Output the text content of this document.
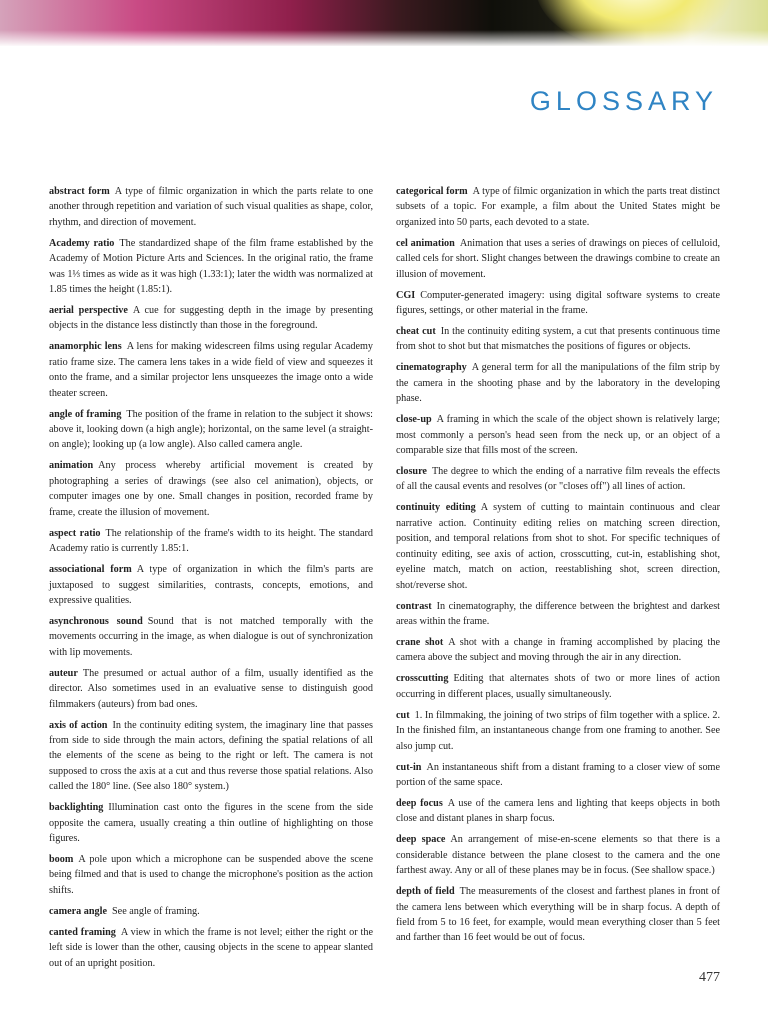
GLOSSARY

abstract form A type of filmic organization in which the parts relate to one another through repetition and variation of such visual qualities as shape, color, rhythm, and direction of movement.

Academy ratio The standardized shape of the film frame established by the Academy of Motion Picture Arts and Sciences. In the original ratio, the frame was 1⅓ times as wide as it was high (1.33:1); later the width was normalized at 1.85 times the height (1.85:1).

aerial perspective A cue for suggesting depth in the image by presenting objects in the distance less distinctly than those in the foreground.

anamorphic lens A lens for making widescreen films using regular Academy ratio frame size. The camera lens takes in a wide field of view and squeezes it onto the frame, and a similar projector lens unsqueezes the image onto a wide theater screen.

angle of framing The position of the frame in relation to the subject it shows: above it, looking down (a high angle); horizontal, on the same level (a straight-on angle); looking up (a low angle). Also called camera angle.

animation Any process whereby artificial movement is created by photographing a series of drawings (see also cel animation), objects, or computer images one by one. Small changes in position, recorded frame by frame, create the illusion of movement.

aspect ratio The relationship of the frame's width to its height. The standard Academy ratio is currently 1.85:1.

associational form A type of organization in which the film's parts are juxtaposed to suggest similarities, contrasts, concepts, emotions, and expressive qualities.

asynchronous sound Sound that is not matched temporally with the movements occurring in the image, as when dialogue is out of synchronization with lip movements.

auteur The presumed or actual author of a film, usually identified as the director. Also sometimes used in an evaluative sense to distinguish good filmmakers (auteurs) from bad ones.

axis of action In the continuity editing system, the imaginary line that passes from side to side through the main actors, defining the spatial relations of all the elements of the scene as being to the right or left. The camera is not supposed to cross the axis at a cut and thus reverse those spatial relations. Also called the 180° line. (See also 180° system.)

backlighting Illumination cast onto the figures in the scene from the side opposite the camera, usually creating a thin outline of highlighting on those figures.

boom A pole upon which a microphone can be suspended above the scene being filmed and that is used to change the microphone's position as the action shifts.

camera angle See angle of framing.

canted framing A view in which the frame is not level; either the right or the left side is lower than the other, causing objects in the scene to appear slanted out of an upright position.

categorical form A type of filmic organization in which the parts treat distinct subsets of a topic. For example, a film about the United States might be organized into 50 parts, each devoted to a state.

cel animation Animation that uses a series of drawings on pieces of celluloid, called cels for short. Slight changes between the drawings combine to create an illusion of movement.

CGI Computer-generated imagery: using digital software systems to create figures, settings, or other material in the frame.

cheat cut In the continuity editing system, a cut that presents continuous time from shot to shot but that mismatches the positions of figures or objects.

cinematography A general term for all the manipulations of the film strip by the camera in the shooting phase and by the laboratory in the developing phase.

close-up A framing in which the scale of the object shown is relatively large; most commonly a person's head seen from the neck up, or an object of a comparable size that fills most of the screen.

closure The degree to which the ending of a narrative film reveals the effects of all the causal events and resolves (or "closes off") all lines of action.

continuity editing A system of cutting to maintain continuous and clear narrative action. Continuity editing relies on matching screen direction, position, and temporal relations from shot to shot. For specific techniques of continuity editing, see axis of action, crosscutting, cut-in, establishing shot, eyeline match, match on action, reestablishing shot, screen direction, shot/reverse shot.

contrast In cinematography, the difference between the brightest and darkest areas within the frame.

crane shot A shot with a change in framing accomplished by placing the camera above the subject and moving through the air in any direction.

crosscutting Editing that alternates shots of two or more lines of action occurring in different places, usually simultaneously.

cut 1. In filmmaking, the joining of two strips of film together with a splice. 2. In the finished film, an instantaneous change from one framing to another. See also jump cut.

cut-in An instantaneous shift from a distant framing to a closer view of some portion of the same space.

deep focus A use of the camera lens and lighting that keeps objects in both close and distant planes in sharp focus.

deep space An arrangement of mise-en-scene elements so that there is a considerable distance between the plane closest to the camera and the one farthest away. Any or all of these planes may be in focus. (See shallow space.)

depth of field The measurements of the closest and farthest planes in front of the camera lens between which everything will be in sharp focus. A depth of field from 5 to 16 feet, for example, would mean everything closer than 5 feet and farther than 16 feet would be out of focus.

477
